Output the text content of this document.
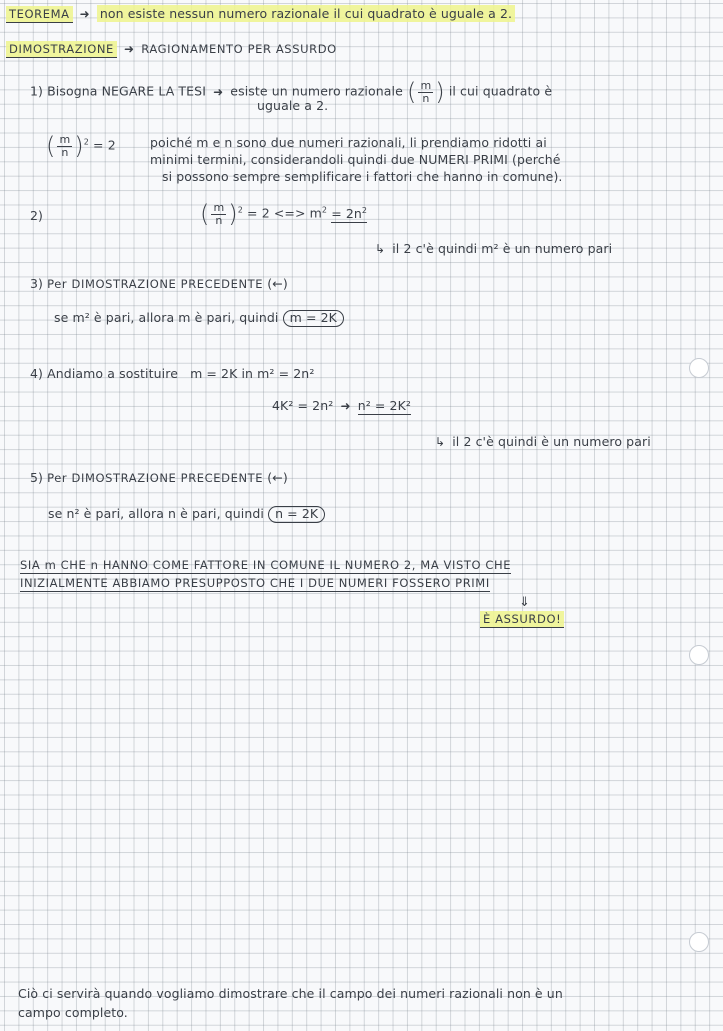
TEOREMA ➜ non esiste nessun numero razionale il cui quadrato è uguale a 2.
DIMOSTRAZIONE ➜ RAGIONAMENTO PER ASSURDO
1) Bisogna NEGARE LA TESI ➜ esiste un numero razionale ( $\frac{m}{n}$ ) il cui quadrato è
uguale a 2.
( $\frac{m}{n} )^2 = 2$	poiché m e n sono due numeri razionali, li prendiamo ridotti ai
minimi termini, considerandoli quindi due NUMERI PRIMI (perché
si possono sempre semplificare i fattori che hanno in comune).
2)	( $\frac{m}{n} )^2 = 2$ <=> $m^2 = 2n^2$
↳ il 2 c'è quindi m² è un numero pari
3) Per DIMOSTRAZIONE PRECEDENTE (←)
se m² è pari, allora m è pari, quindi m = 2K
4) Andiamo a sostituire m = 2K in m² = 2n²
4K² = 2n² ➜ n² = 2K²
↳ il 2 c'è quindi è un numero pari
5) Per DIMOSTRAZIONE PRECEDENTE (←)
se n² è pari, allora n è pari, quindi n = 2K
SIA m CHE n HANNO COME FATTORE IN COMUNE IL NUMERO 2, MA VISTO CHE
INIZIALMENTE ABBIAMO PRESUPPOSTO CHE I DUE NUMERI FOSSERO PRIMI
⇓
È ASSURDO!
Ciò ci servirà quando vogliamo dimostrare che il campo dei numeri razionali non è un
campo completo.
